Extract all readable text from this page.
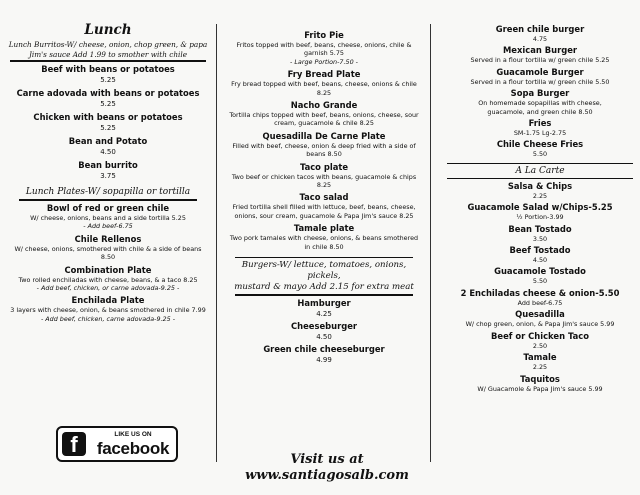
Lunch
Lunch Burritos-W/ cheese, onion, chop green, & papa
Jim's sauce Add 1.99 to smother with chile
Beef with beans or potatoes
5.25
Carne adovada with beans or potatoes
5.25
Chicken with beans or potatoes
5.25
Bean and Potato
4.50
Bean burrito
3.75
Lunch Plates-W/ sopapilla or tortilla
Bowl of red or green chile
W/ cheese, onions, beans and a side tortilla 5.25
- Add beef-6.75
Chile Rellenos
W/ cheese, onions, smothered with chile & a side of beans 8.50
Combination Plate
Two rolled enchiladas with cheese, beans, & a taco 8.25
- Add beef, chicken, or carne adovada-9.25 -
Enchilada Plate
3 layers with cheese, onion, & beans smothered in chile 7.99
- Add beef, chicken, carne adovada-9.25 -
Frito Pie
Fritos topped with beef, beans, cheese, onions, chile & garnish 5.75
- Large Portion-7.50 -
Fry Bread Plate
Fry bread topped with beef, beans, cheese, onions & chile 8.25
Nacho Grande
Tortilla chips topped with beef, beans, onions, cheese, sour cream, guacamole & chile 8.25
Quesadilla De Carne Plate
Filled with beef, cheese, onion & deep fried with a side of beans 8.50
Taco plate
Two beef or chicken tacos with beans, guacamole & chips 8.25
Taco salad
Fried tortilla shell filled with lettuce, beef, beans, cheese, onions, sour cream, guacamole & Papa Jim's sauce 8.25
Tamale plate
Two pork tamales with cheese, onions, & beans smothered in chile 8.50
Burgers-W/ lettuce, tomatoes, onions, pickels,
mustard & mayo Add 2.15 for extra meat
Hamburger
4.25
Cheeseburger
4.50
Green chile cheeseburger
4.99
Green chile burger
4.75
Mexican Burger
Served in a flour tortilla w/ green chile 5.25
Guacamole Burger
Served in a flour tortilla w/ green chile 5.50
Sopa Burger
On homemade sopapillas with cheese, guacamole, and green chile 8.50
Fries
SM-1.75 Lg-2.75
Chile Cheese Fries
5.50
A La Carte
Salsa & Chips
2.25
Guacamole Salad w/Chips-5.25
½ Portion-3.99
Bean Tostado
3.50
Beef Tostado
4.50
Guacamole Tostado
5.50
2 Enchiladas cheese & onion-5.50
Add beef-6.75
Quesadilla
W/ chop green, onion, & Papa Jim's sauce 5.99
Beef or Chicken Taco
2.50
Tamale
2.25
Taquitos
W/ Guacamole & Papa Jim's sauce 5.99
f	LIKE US ON
facebook
Visit us at www.santiagosalb.com
